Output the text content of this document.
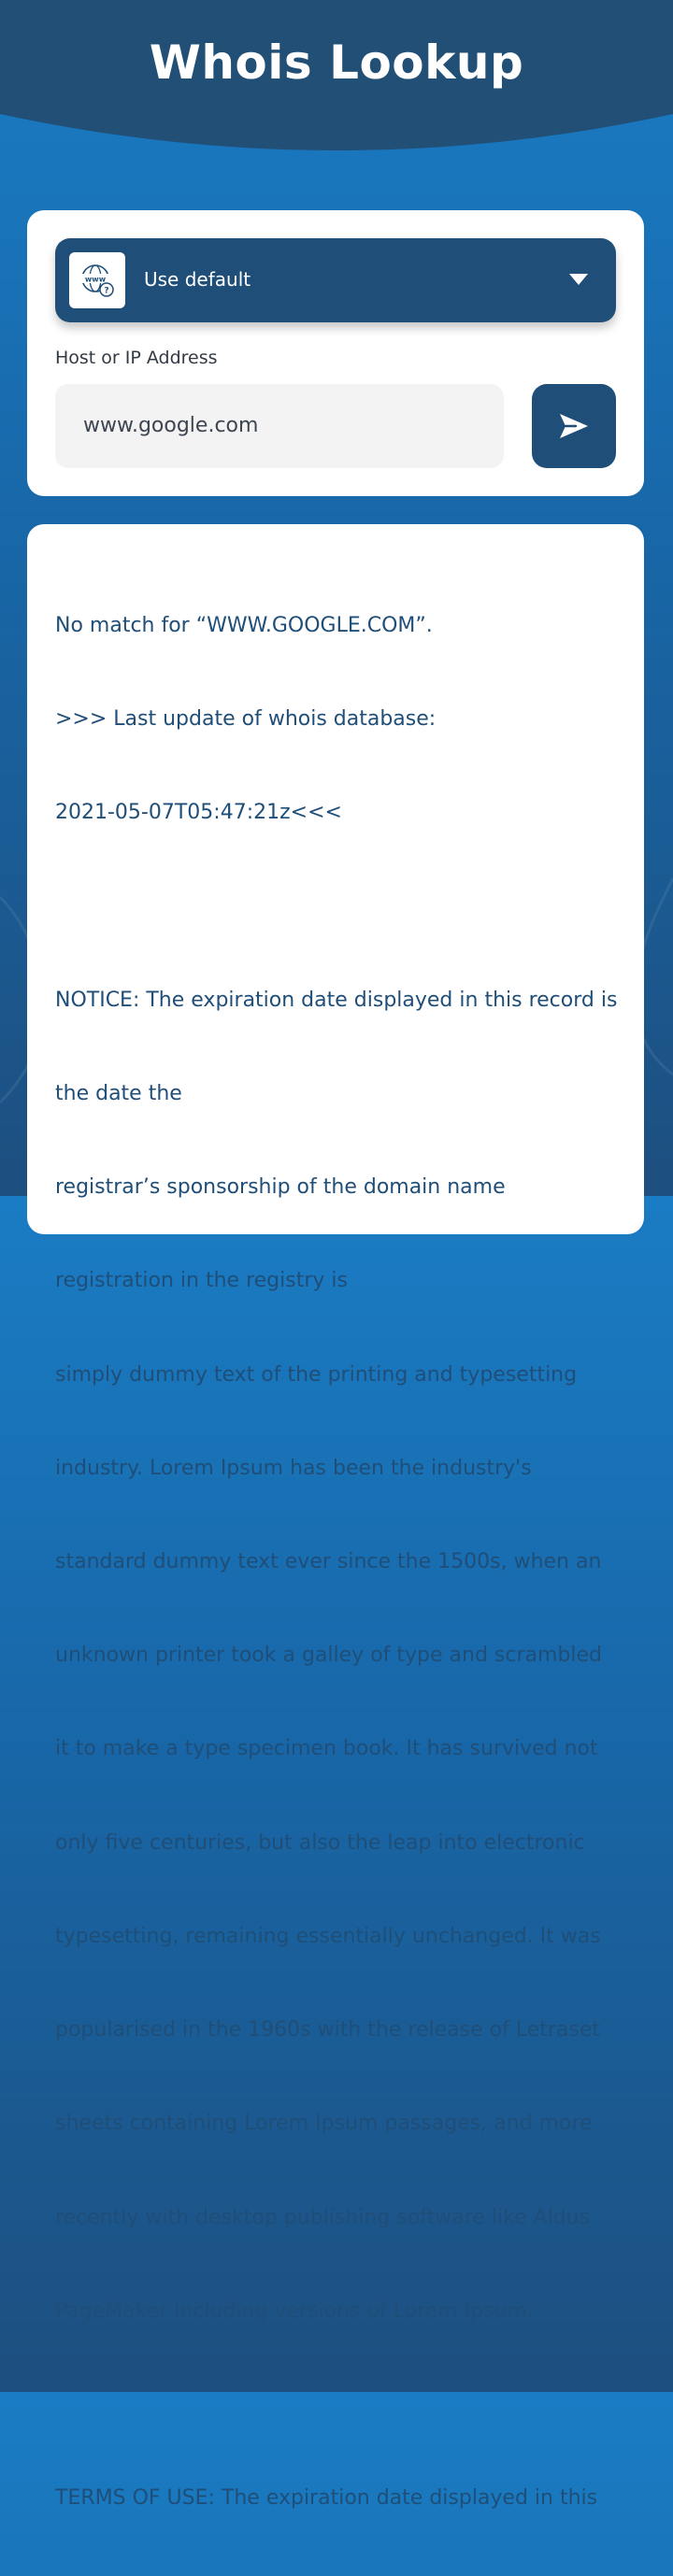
Whois Lookup
www
?
Use default
Host or IP Address
www.google.com

No match for “WWW.GOOGLE.COM”.

>>> Last update of whois database:

2021-05-07T05:47:21z<<<

NOTICE: The expiration date displayed in this record is

the date the

registrar’s sponsorship of the domain name

registration in the registry is

simply dummy text of the printing and typesetting

industry. Lorem Ipsum has been the industry's

standard dummy text ever since the 1500s, when an

unknown printer took a galley of type and scrambled

it to make a type specimen book. It has survived not

only five centuries, but also the leap into electronic

typesetting, remaining essentially unchanged. It was

popularised in the 1960s with the release of Letraset

sheets containing Lorem Ipsum passages, and more

recently with desktop publishing software like Aldus

PageMaker including versions of Lorem Ipsum.

TERMS OF USE: The expiration date displayed in this
